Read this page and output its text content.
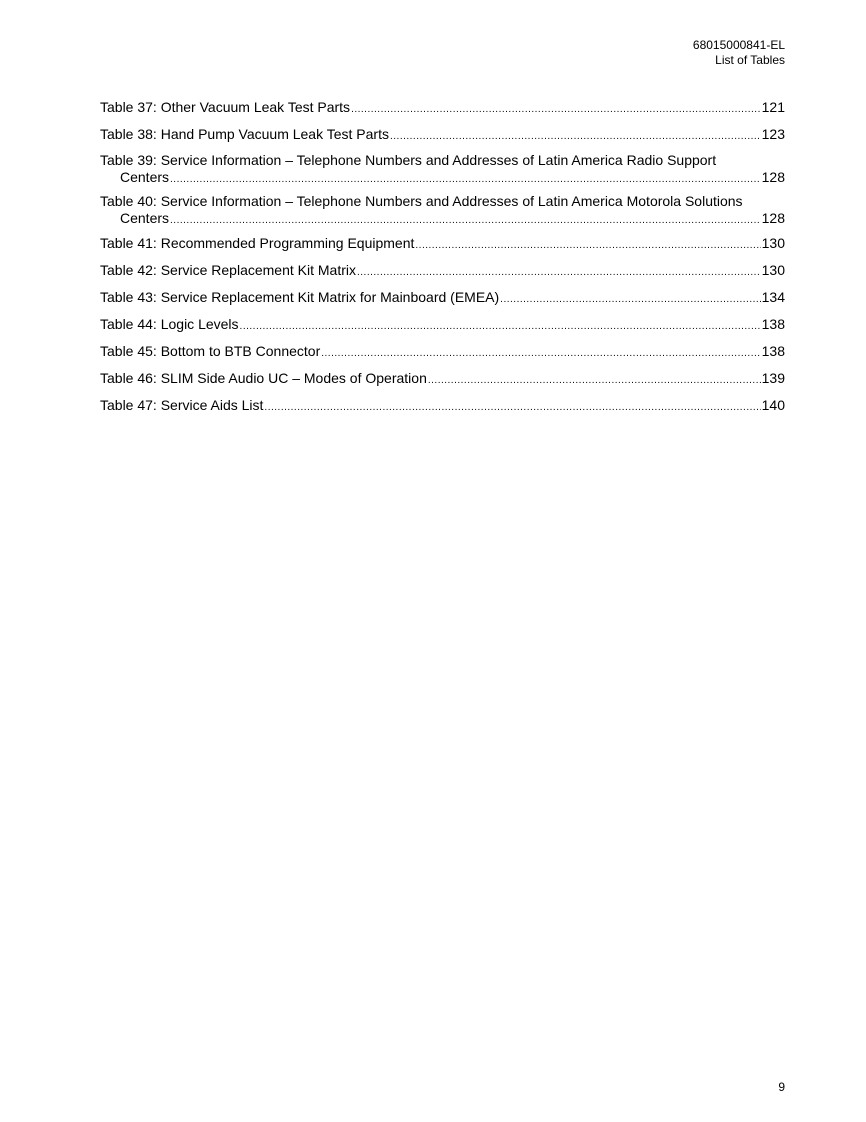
68015000841-EL
List of Tables
Table 37: Other Vacuum Leak Test Parts .....	121
Table 38: Hand Pump Vacuum Leak Test Parts .....	123
Table 39: Service Information – Telephone Numbers and Addresses of Latin America Radio Support
Centers .....	128
Table 40: Service Information – Telephone Numbers and Addresses of Latin America Motorola Solutions
Centers .....	128
Table 41: Recommended Programming Equipment .....	130
Table 42: Service Replacement Kit Matrix .....	130
Table 43: Service Replacement Kit Matrix for Mainboard (EMEA) .....	134
Table 44: Logic Levels .....	138
Table 45: Bottom to BTB Connector .....	138
Table 46: SLIM Side Audio UC – Modes of Operation .....	139
Table 47: Service Aids List .....	140
9
